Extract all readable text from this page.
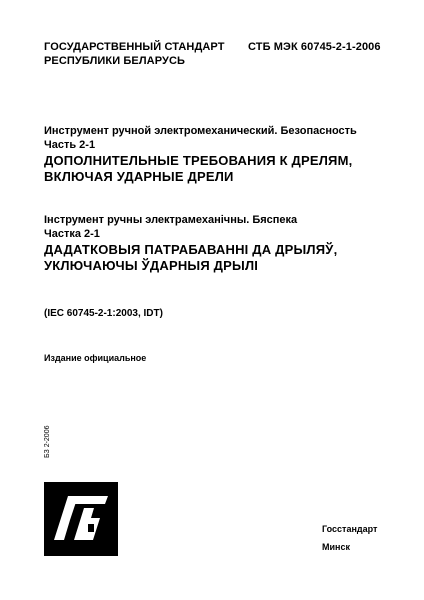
ГОСУДАРСТВЕННЫЙ СТАНДАРТ
РЕСПУБЛИКИ БЕЛАРУСЬ
СТБ МЭК 60745-2-1-2006
Инструмент ручной электромеханический. Безопасность
Часть 2-1
ДОПОЛНИТЕЛЬНЫЕ ТРЕБОВАНИЯ К ДРЕЛЯМ,
ВКЛЮЧАЯ УДАРНЫЕ ДРЕЛИ
Інструмент ручны электрамеханічны. Бяспека
Частка 2-1
ДАДАТКОВЫЯ ПАТРАБАВАННІ ДА ДРЫЛЯЎ,
УКЛЮЧАЮЧЫ ЎДАРНЫЯ ДРЫЛІ
(IEC 60745-2-1:2003, IDT)
Издание официальное
БЗ 2-2006
Госстандарт
Минск
